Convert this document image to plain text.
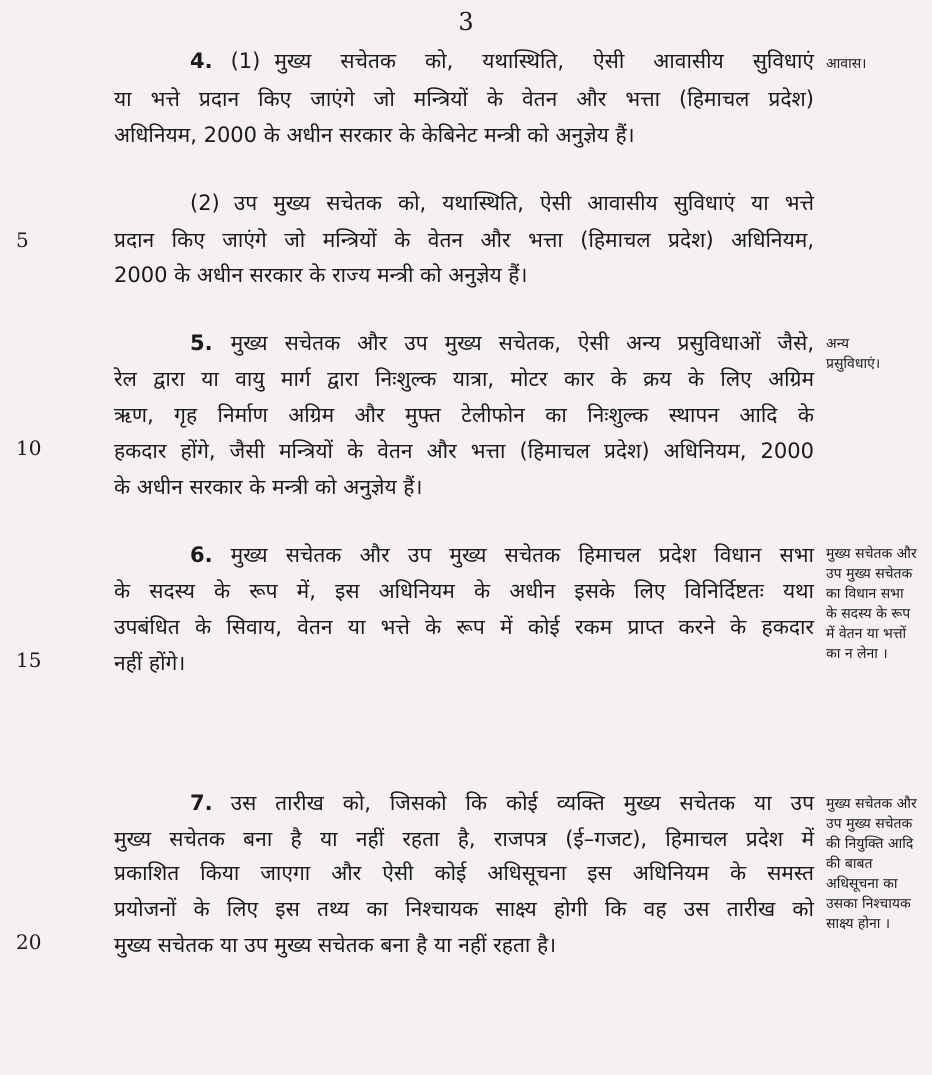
3
5
10
15
20
4. (1) मुख्य सचेतक को, यथास्थिति, ऐसी आवासीय सुविधाएं
या भत्ते प्रदान किए जाएंगे जो मन्त्रियों के वेतन और भत्ता (हिमाचल प्रदेश)
अधिनियम, 2000 के अधीन सरकार के केबिनेट मन्त्री को अनुज्ञेय हैं।
आवास।
(2) उप मुख्य सचेतक को, यथास्थिति, ऐसी आवासीय सुविधाएं या भत्ते
प्रदान किए जाएंगे जो मन्त्रियों के वेतन और भत्ता (हिमाचल प्रदेश) अधिनियम,
2000 के अधीन सरकार के राज्य मन्त्री को अनुज्ञेय हैं।
5. मुख्य सचेतक और उप मुख्य सचेतक, ऐसी अन्य प्रसुविधाओं जैसे,
रेल द्वारा या वायु मार्ग द्वारा निःशुल्क यात्रा, मोटर कार के क्रय के लिए अग्रिम
ऋण, गृह निर्माण अग्रिम और मुफ्त टेलीफोन का निःशुल्क स्थापन आदि के
हकदार होंगे, जैसी मन्त्रियों के वेतन और भत्ता (हिमाचल प्रदेश) अधिनियम, 2000
के अधीन सरकार के मन्त्री को अनुज्ञेय हैं।
अन्य प्रसुविधाएं।
6. मुख्य सचेतक और उप मुख्य सचेतक हिमाचल प्रदेश विधान सभा
के सदस्य के रूप में, इस अधिनियम के अधीन इसके लिए विनिर्दिष्टतः यथा
उपबंधित के सिवाय, वेतन या भत्ते के रूप में कोई रकम प्राप्त करने के हकदार
नहीं होंगे।
मुख्य सचेतक और उप मुख्य सचेतक का विधान सभा के सदस्य के रूप में वेतन या भत्तों का न लेना ।
7. उस तारीख को, जिसको कि कोई व्यक्ति मुख्य सचेतक या उप
मुख्य सचेतक बना है या नहीं रहता है, राजपत्र (ई–गजट), हिमाचल प्रदेश में
प्रकाशित किया जाएगा और ऐसी कोई अधिसूचना इस अधिनियम के समस्त
प्रयोजनों के लिए इस तथ्य का निश्चायक साक्ष्य होगी कि वह उस तारीख को
मुख्य सचेतक या उप मुख्य सचेतक बना है या नहीं रहता है।
मुख्य सचेतक और उप मुख्य सचेतक की नियुक्ति आदि की बाबत अधिसूचना का उसका निश्चायक साक्ष्य होना ।
